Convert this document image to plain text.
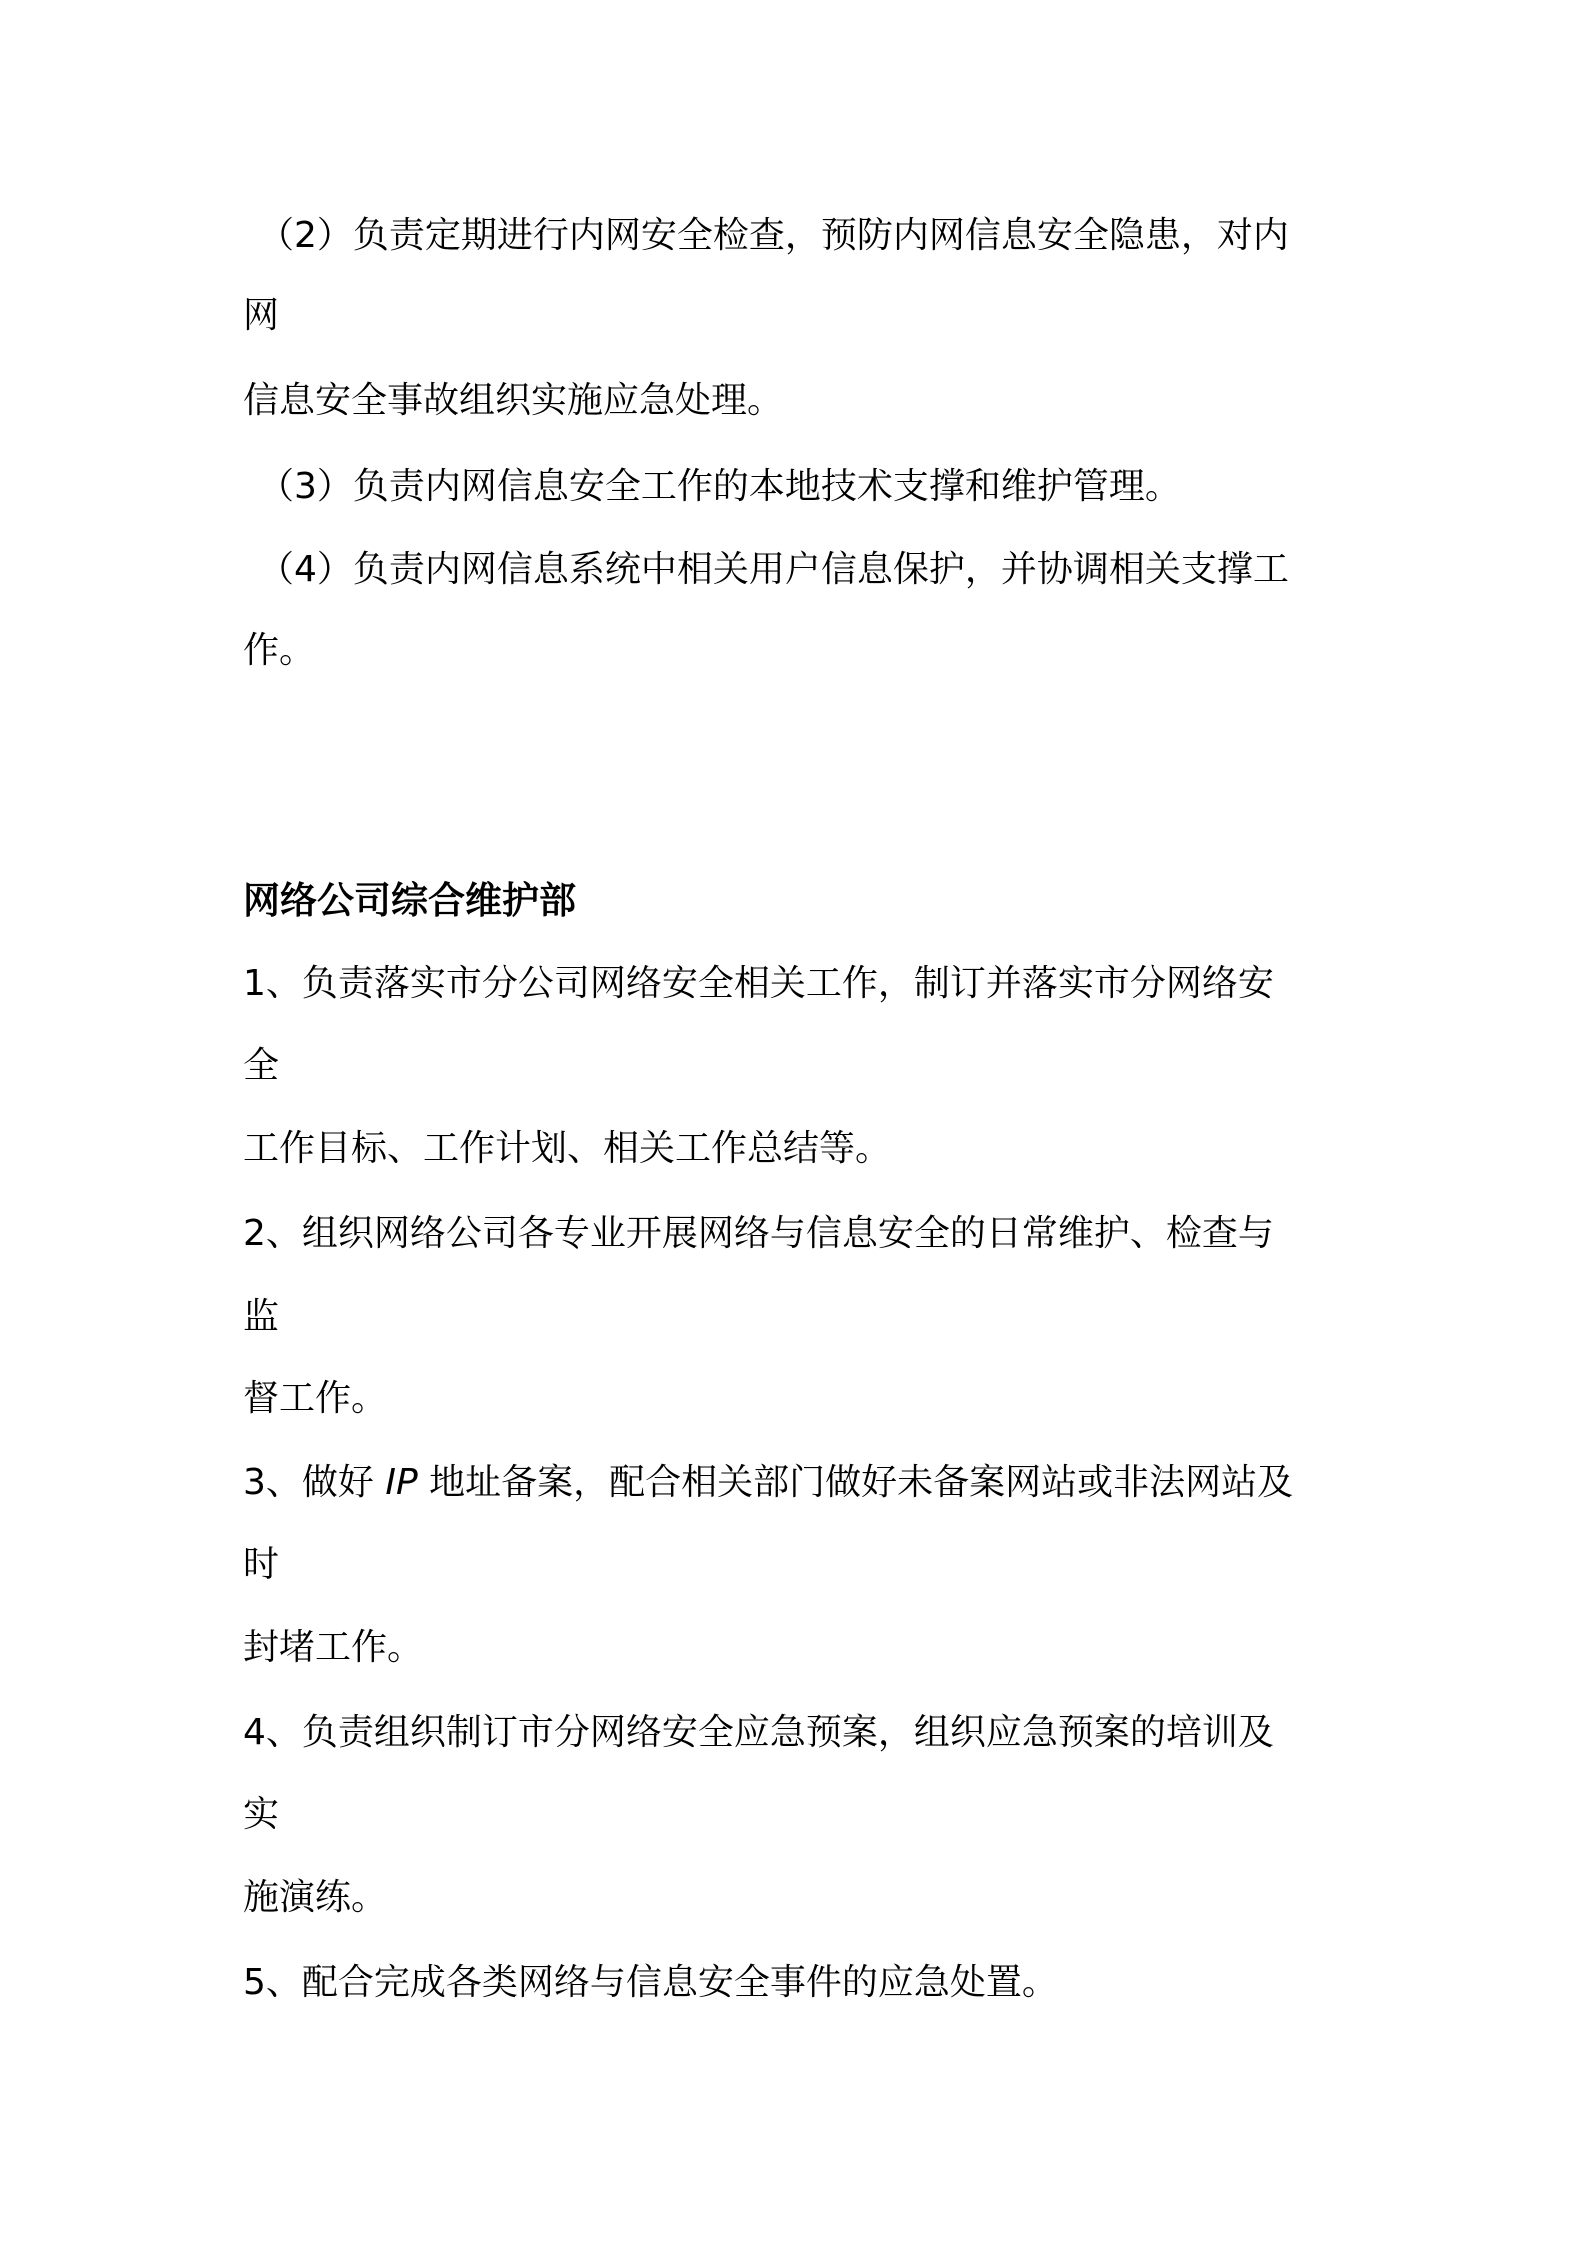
（2）负责定期进行内网安全检查，预防内网信息安全隐患，对内
网
信息安全事故组织实施应急处理。
（3）负责内网信息安全工作的本地技术支撑和维护管理。
（4）负责内网信息系统中相关用户信息保护，并协调相关支撑工
作。
网络公司综合维护部
1、负责落实市分公司网络安全相关工作，制订并落实市分网络安
全
工作目标、工作计划、相关工作总结等。
2、组织网络公司各专业开展网络与信息安全的日常维护、检查与
监
督工作。
3、做好 IP 地址备案，配合相关部门做好未备案网站或非法网站及
时
封堵工作。
4、负责组织制订市分网络安全应急预案，组织应急预案的培训及
实
施演练。
5、配合完成各类网络与信息安全事件的应急处置。
